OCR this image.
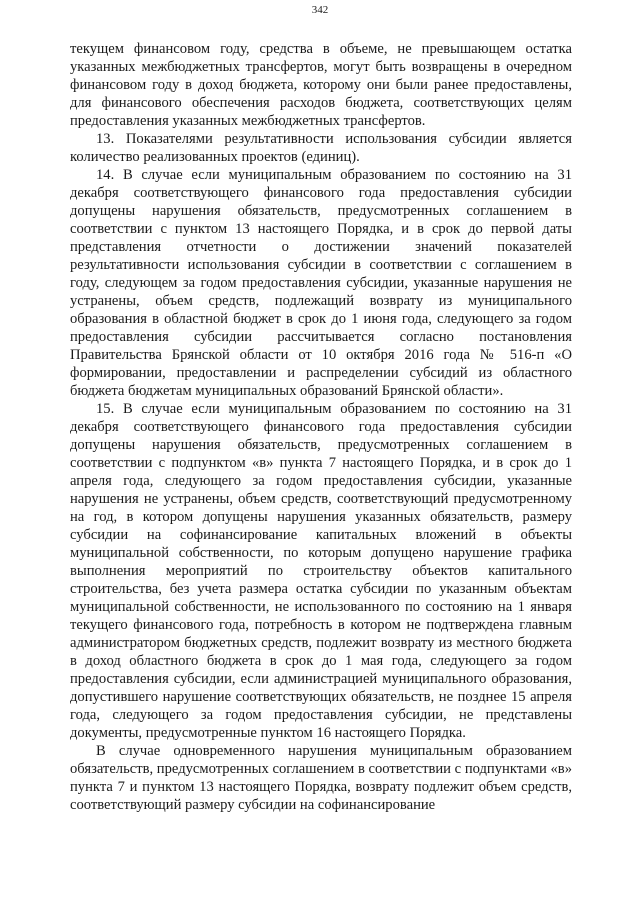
342

текущем финансовом году, средства в объеме, не превышающем остатка указанных межбюджетных трансфертов, могут быть возвращены в очередном финансовом году в доход бюджета, которому они были ранее предоставлены, для финансового обеспечения расходов бюджета, соответствующих целям предоставления указанных межбюджетных трансфертов.

13. Показателями результативности использования субсидии является количество реализованных проектов (единиц).

14. В случае если муниципальным образованием по состоянию на 31 декабря соответствующего финансового года предоставления субсидии допущены нарушения обязательств, предусмотренных соглашением в соответствии с пунктом 13 настоящего Порядка, и в срок до первой даты представления отчетности о достижении значений показателей результативности использования субсидии в соответствии с соглашением в году, следующем за годом предоставления субсидии, указанные нарушения не устранены, объем средств, подлежащий возврату из муниципального образования в областной бюджет в срок до 1 июня года, следующего за годом предоставления субсидии рассчитывается согласно постановления Правительства Брянской области от 10 октября 2016 года № 516-п «О формировании, предоставлении и распределении субсидий из областного бюджета бюджетам муниципальных образований Брянской области».

15. В случае если муниципальным образованием по состоянию на 31 декабря соответствующего финансового года предоставления субсидии допущены нарушения обязательств, предусмотренных соглашением в соответствии с подпунктом «в» пункта 7 настоящего Порядка, и в срок до 1 апреля года, следующего за годом предоставления субсидии, указанные нарушения не устранены, объем средств, соответствующий предусмотренному на год, в котором допущены нарушения указанных обязательств, размеру субсидии на софинансирование капитальных вложений в объекты муниципальной собственности, по которым допущено нарушение графика выполнения мероприятий по строительству объектов капитального строительства, без учета размера остатка субсидии по указанным объектам муниципальной собственности, не использованного по состоянию на 1 января текущего финансового года, потребность в котором не подтверждена главным администратором бюджетных средств, подлежит возврату из местного бюджета в доход областного бюджета в срок до 1 мая года, следующего за годом предоставления субсидии, если администрацией муниципального образования, допустившего нарушение соответствующих обязательств, не позднее 15 апреля года, следующего за годом предоставления субсидии, не представлены документы, предусмотренные пунктом 16 настоящего Порядка.

В случае одновременного нарушения муниципальным образованием обязательств, предусмотренных соглашением в соответствии с подпунктами «в» пункта 7 и пунктом 13 настоящего Порядка, возврату подлежит объем средств, соответствующий размеру субсидии на софинансирование
